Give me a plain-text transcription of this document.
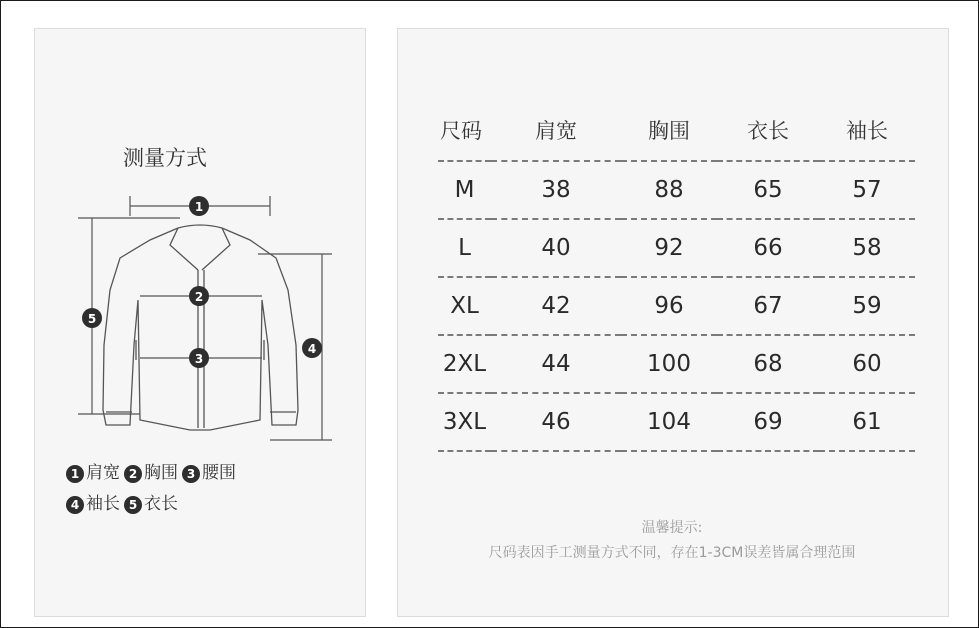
测量方式
1
2
3
4
5
1 肩宽 2 胸围 3 腰围
4 袖长 5 衣长
尺码	肩宽	胸围	衣长	袖长
M	38	88	65	57
L	40	92	66	58
XL	42	96	67	59
2XL	44	100	68	60
3XL	46	104	69	61
温馨提示:
尺码表因手工测量方式不同，存在1-3CM误差皆属合理范围
